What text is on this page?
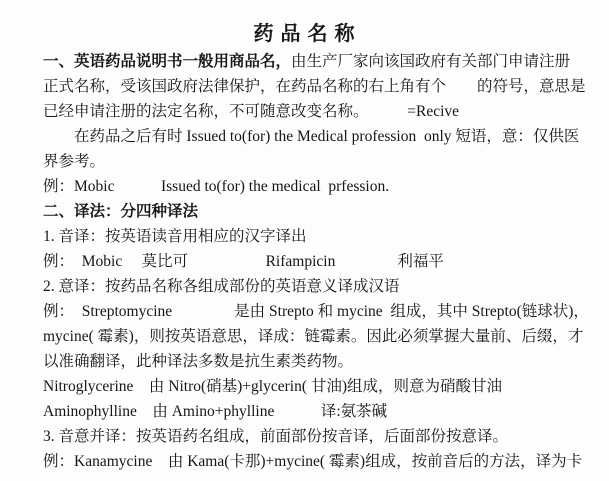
药 品 名 称
一、英语药品说明书一般用商品名，由生产厂家向该国政府有关部门申请注册
正式名称，受该国政府法律保护，在药品名称的右上角有个　　的符号，意思是
已经申请注册的法定名称，不可随意改变名称。　　　=Recive
　　在药品之后有时 Issued to(for) the Medical profession  only 短语，意：仅供医
界参考。
例：Mobic　　　Issued to(for) the medical  prfession.
二、译法：分四种译法
1. 音译：按英语读音用相应的汉字译出
例：　Mobic　 莫比可　　　　　Rifampicin　　　　利福平
2. 意译：按药品名称各组成部份的英语意义译成汉语
例：　Streptomycine　　　　是由 Strepto 和 mycine  组成，其中 Strepto(链球状)，
mycine( 霉素)，则按英语意思，译成：链霉素。因此必须掌握大量前、后缀，才
以准确翻译，此种译法多数是抗生素类药物。
Nitroglycerine　由 Nitro(硝基)+glycerin( 甘油)组成，则意为硝酸甘油
Aminophylline　由 Amino+phylline　　　译:氨茶碱
3. 音意并译：按英语药名组成，前面部份按音译，后面部份按意译。
例：Kanamycine　由 Kama(卡那)+mycine( 霉素)组成，按前音后的方法，译为卡
